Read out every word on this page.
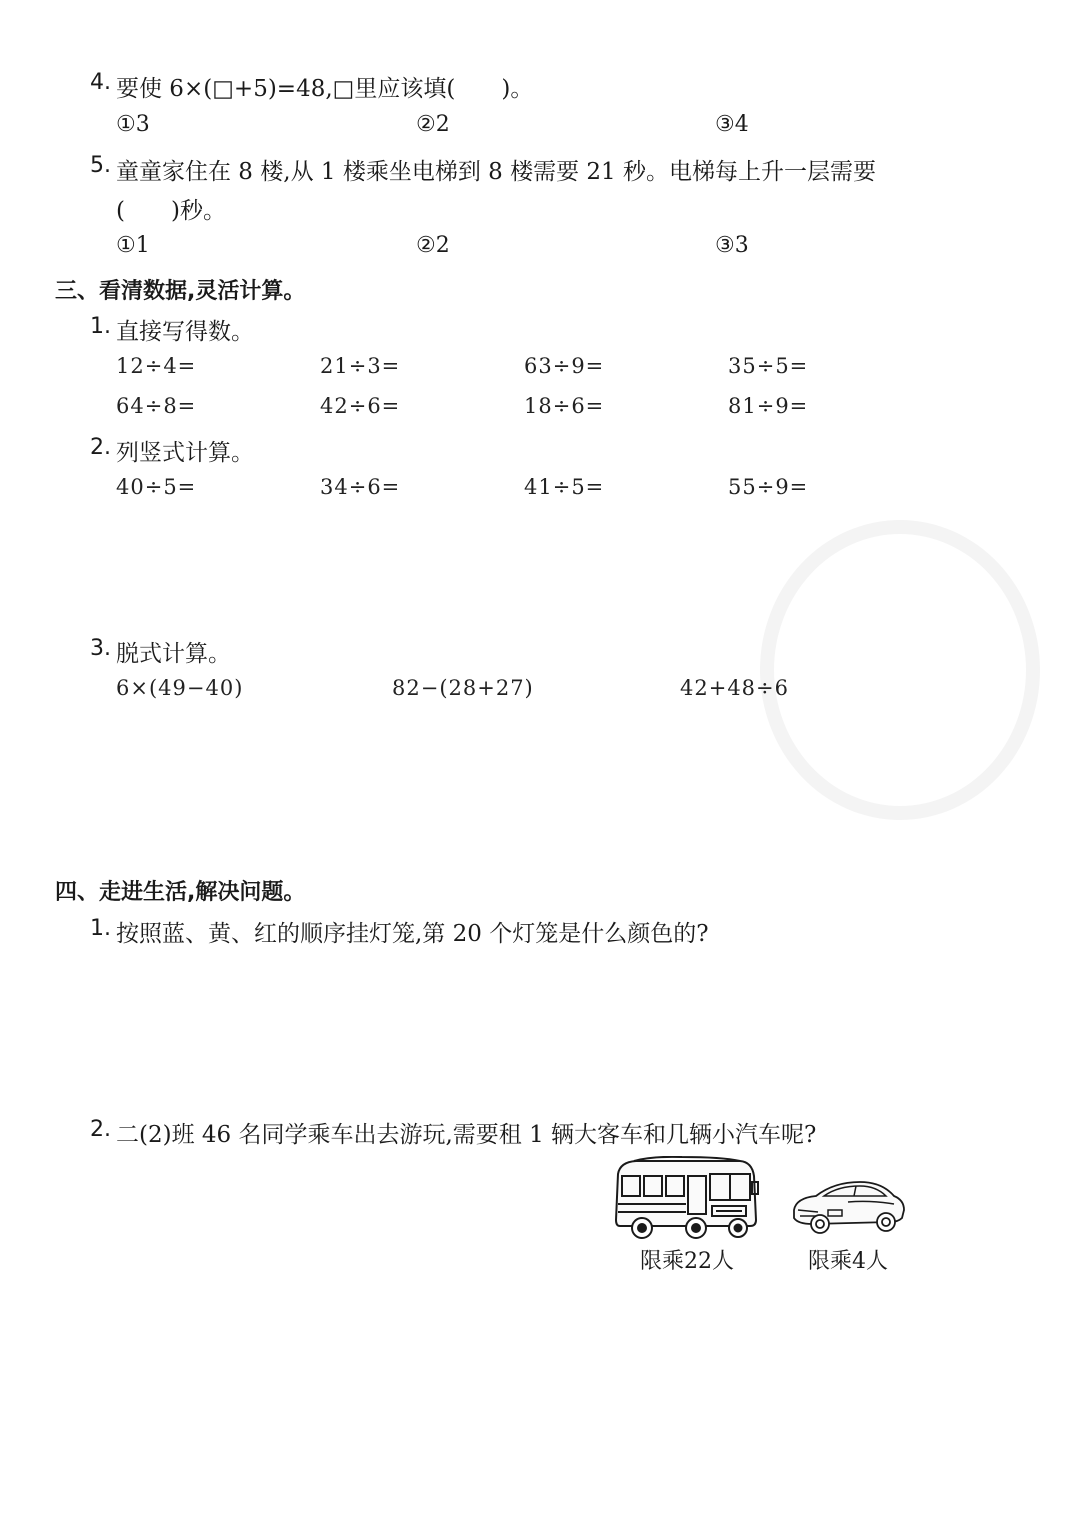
4. 要使 6×(□+5)=48,□里应该填(　　)。
①3	②2	③4
5. 童童家住在 8 楼,从 1 楼乘坐电梯到 8 楼需要 21 秒。电梯每上升一层需要
(　　)秒。
①1	②2	③3
三、看清数据,灵活计算。
1. 直接写得数。
12÷4=	21÷3=	63÷9=	35÷5=
64÷8=	42÷6=	18÷6=	81÷9=
2. 列竖式计算。
40÷5=	34÷6=	41÷5=	55÷9=
3. 脱式计算。
6×(49−40)	82−(28+27)	42+48÷6
四、走进生活,解决问题。
1. 按照蓝、黄、红的顺序挂灯笼,第 20 个灯笼是什么颜色的?
2. 二(2)班 46 名同学乘车出去游玩,需要租 1 辆大客车和几辆小汽车呢?
限乘22人	限乘4人
